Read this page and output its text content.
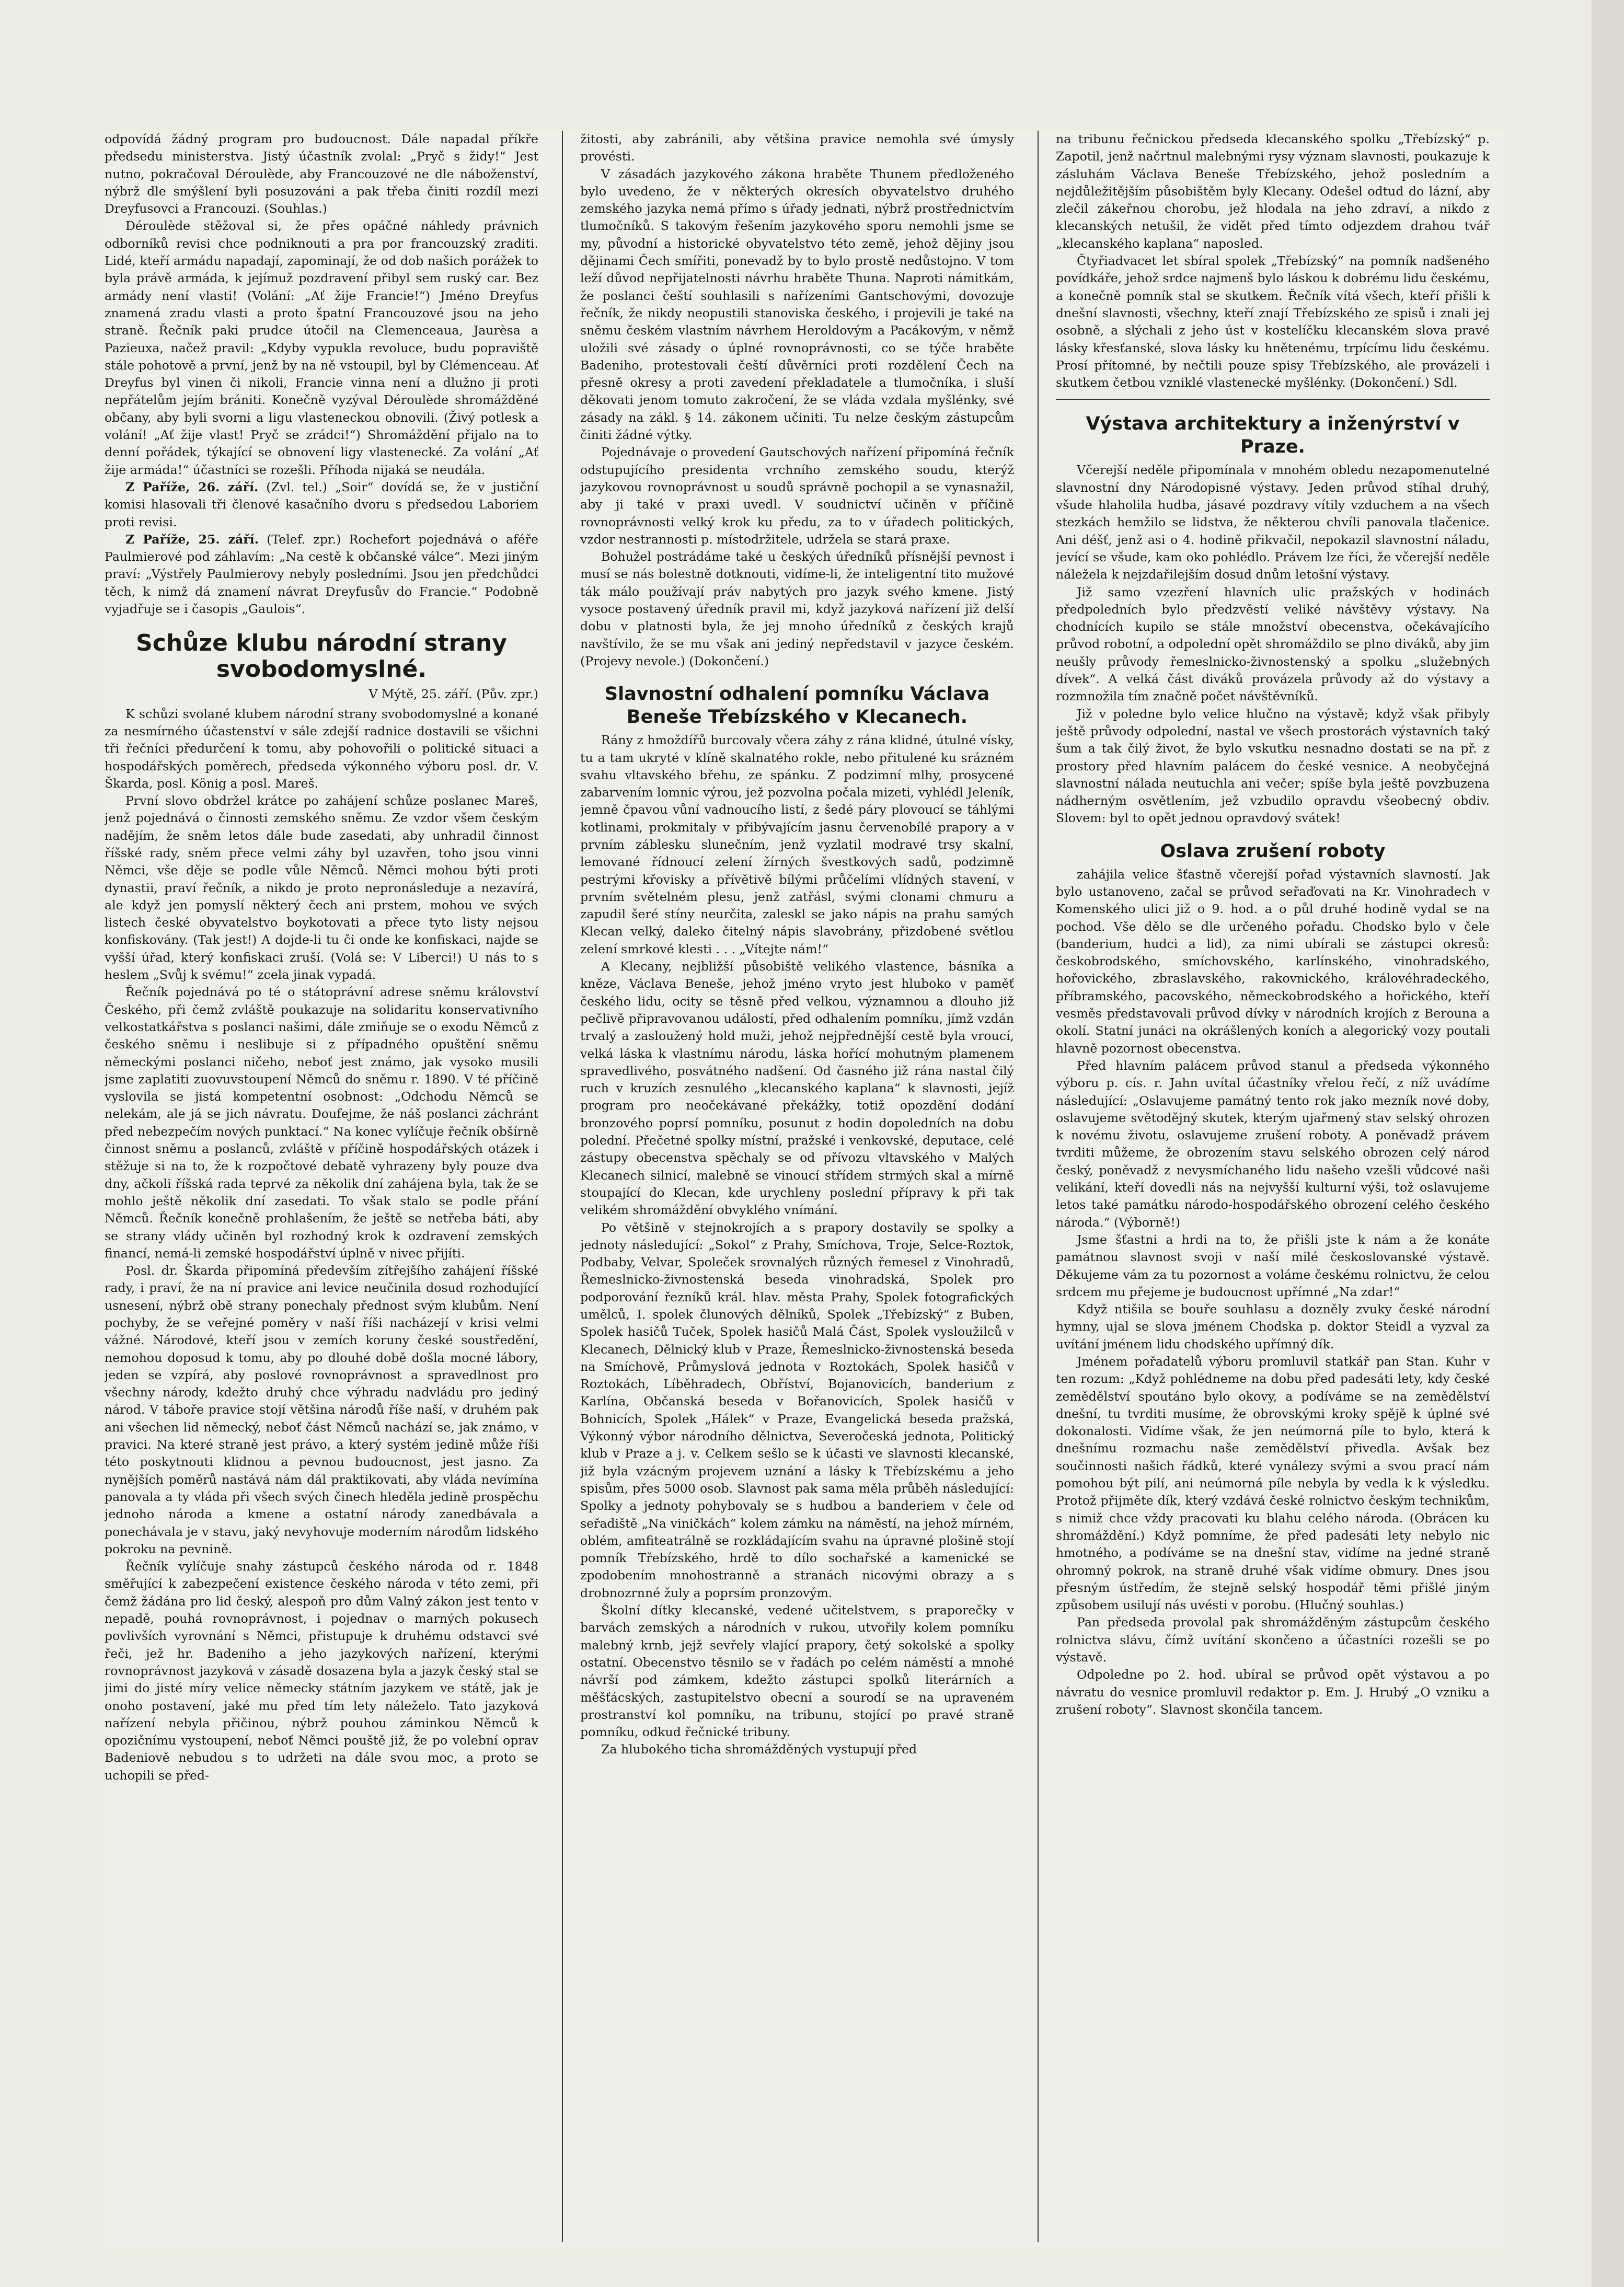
odpovídá žádný program pro budoucnost. Dále napadal příkře předsedu ministerstva. Jistý účastník zvolal: „Pryč s židy!“ Jest nutno, pokračoval Déroulède, aby Francouzové ne dle náboženství, nýbrž dle smýšlení byli posuzováni a pak třeba činiti rozdíl mezi Dreyfusovci a Francouzi. (Souhlas.)

Déroulède stěžoval si, že přes opáčné náhledy právnich odborníků revisi chce podniknouti a pra por francouzský zraditi. Lidé, kteří armádu napadají, zapominají, že od dob našich porážek to byla právě armáda, k jejímuž pozdravení přibyl sem ruský car. Bez armády není vlasti! (Volání: „Ať žije Francie!“) Jméno Dreyfus znamená zradu vlasti a proto špatní Francouzové jsou na jeho straně. Řečník paki prudce útočil na Clemenceaua, Jaurèsa a Pazieuxa, načež pravil: „Kdyby vypukla revoluce, budu popraviště stále pohotově a první, jenž by na ně vstoupil, byl by Clémenceau. Ať Dreyfus byl vinen či nikoli, Francie vinna není a dlužno ji proti nepřátelům jejím brániti. Konečně vyzýval Déroulède shromážděné občany, aby byli svorni a ligu vlasteneckou obnovili. (Živý potlesk a volání! „Ať žije vlast! Pryč se zrádci!“) Shromáždění přijalo na to denní pořádek, týkající se obnovení ligy vlastenecké. Za volání „Ať žije armáda!“ účastníci se rozešli. Příhoda nijaká se neudála.

Z Paříže, 26. září. (Zvl. tel.) „Soir“ dovídá se, že v justiční komisi hlasovali tři členové kasačního dvoru s předsedou Laboriem proti revisi.

Z Paříže, 25. září. (Telef. zpr.) Rochefort pojednává o aféře Paulmierové pod záhlavím: „Na cestě k občanské válce“. Mezi jiným praví: „Výstřely Paulmierovy nebyly posledními. Jsou jen předchůdci těch, k nimž dá znamení návrat Dreyfusův do Francie.“ Podobně vyjadřuje se i časopis „Gaulois“.

Schůze klubu národní strany svobodomyslné.

V Mýtě, 25. září. (Pův. zpr.)

K schůzi svolané klubem národní strany svobodomyslné a konané za nesmírného účastenství v sále zdejší radnice dostavili se všichni tři řečníci předurčení k tomu, aby pohovořili o politické situaci a hospodářských poměrech, předseda výkonného výboru posl. dr. V. Škarda, posl. König a posl. Mareš.

První slovo obdržel krátce po zahájení schůze poslanec Mareš, jenž pojednává o činnosti zemského sněmu. Ze vzdor všem českým nadějím, že sněm letos dále bude zasedati, aby unhradil činnost říšské rady, sněm přece velmi záhy byl uzavřen, toho jsou vinni Němci, vše děje se podle vůle Němců. Němci mohou býti proti dynastii, praví řečník, a nikdo je proto nepronásleduje a nezavírá, ale když jen pomyslí některý čech ani prstem, mohou ve svých listech české obyvatelstvo boykotovati a přece tyto listy nejsou konfiskovány. (Tak jest!) A dojde-li tu či onde ke konfiskaci, najde se vyšší úřad, který konfiskaci zruší. (Volá se: V Liberci!) U nás to s heslem „Svůj k svému!“ zcela jinak vypadá.

Řečník pojednává po té o státoprávní adrese sněmu království Českého, při čemž zvláště poukazuje na solidaritu konservativního velkostatkářstva s poslanci našimi, dále zmiňuje se o exodu Němců z českého sněmu i neslibuje si z případného opuštění sněmu německými poslanci ničeho, neboť jest známo, jak vysoko musili jsme zaplatiti zuovuvstoupení Němců do sněmu r. 1890. V té příčině vyslovila se jistá kompetentní osobnost: „Odchodu Němců se nelekám, ale já se jich návratu. Doufejme, že náš poslanci záchránt před nebezpečím nových punktací.“ Na konec vylíčuje řečník obšírně činnost sněmu a poslanců, zvláště v příčině hospodářských otázek i stěžuje si na to, že k rozpočtové debatě vyhrazeny byly pouze dva dny, ačkoli říšská rada teprvé za několik dní zahájena byla, tak že se mohlo ještě několik dní zasedati. To však stalo se podle přání Němců. Řečník konečně prohlašením, že ještě se netřeba báti, aby se strany vlády učiněn byl rozhodný krok k ozdravení zemských financí, nemá-li zemské hospodářství úplně v nivec přijíti.

Posl. dr. Škarda připomíná především zítřejšího zahájení říšské rady, i praví, že na ní pravice ani levice neučinila dosud rozhodující usnesení, nýbrž obě strany ponechaly přednost svým klubům. Není pochyby, že se veřejné poměry v naší říši nacházejí v krisi velmi vážné. Národové, kteří jsou v zemích koruny české soustředění, nemohou doposud k tomu, aby po dlouhé době došla mocné lábory, jeden se vzpírá, aby poslové rovnoprávnost a spravedlnost pro všechny národy, kdežto druhý chce výhradu nadvládu pro jediný národ. V táboře pravice stojí většina národů říše naší, v druhém pak ani všechen lid německý, neboť část Němců nachází se, jak známo, v pravici. Na které straně jest právo, a který systém jedině může říši této poskytnouti klidnou a pevnou budoucnost, jest jasno. Za nynějších poměrů nastává nám dál praktikovati, aby vláda nevímína panovala a ty vláda při všech svých činech hleděla jedině prospěchu jednoho národa a kmene a ostatní národy zanedbávala a ponechávala je v stavu, jaký nevyhovuje moderním národům lidského pokroku na pevnině.

Řečník vylíčuje snahy zástupců českého národa od r. 1848 směřující k zabezpečení existence českého národa v této zemi, při čemž žádána pro lid český, alespoň pro dům Valný zákon jest tento v nepadě, pouhá rovnoprávnost, i pojednav o marných pokusech povlivších vyrovnání s Němci, přistupuje k druhému odstavci své řeči, jež hr. Badeniho a jeho jazykových nařízení, kterými rovnoprávnost jazyková v zásadě dosazena byla a jazyk český stal se jimi do jisté míry velice německy státním jazykem ve státě, jak je onoho postavení, jaké mu před tím lety náleželo. Tato jazyková nařízení nebyla přičinou, nýbrž pouhou záminkou Němců k opozičnímu vystoupení, neboť Němci pouště již, že po volební oprav Badeniově nebudou s to udržeti na dále svou moc, a proto se uchopili se před-

žitosti, aby zabránili, aby většina pravice nemohla své úmysly provésti.

V zásadách jazykového zákona hraběte Thunem předloženého bylo uvedeno, že v některých okresích obyvatelstvo druhého zemského jazyka nemá přímo s úřady jednati, nýbrž prostřednictvím tlumočníků. S takovým řešením jazykového sporu nemohli jsme se my, původní a historické obyvatelstvo této země, jehož dějiny jsou dějinami Čech smířiti, ponevadž by to bylo prostě nedůstojno. V tom leží důvod nepřijatelnosti návrhu hraběte Thuna. Naproti námitkám, že poslanci čeští souhlasili s nařízeními Gantschovými, dovozuje řečník, že nikdy neopustili stanoviska českého, i projevili je také na sněmu českém vlastním návrhem Heroldovým a Pacákovým, v němž uložili své zásady o úplné rovnoprávnosti, co se týče hraběte Badeniho, protestovali čeští důvěrníci proti rozdělení Čech na přesně okresy a proti zavedení překladatele a tlumočníka, i sluší děkovati jenom tomuto zakročení, že se vláda vzdala myšlénky, své zásady na zákl. § 14. zákonem učiniti. Tu nelze českým zástupcům činiti žádné výtky.

Pojednávaje o provedení Gautschových nařízení připomíná řečník odstupujícího presidenta vrchního zemského soudu, kterýž jazykovou rovnoprávnost u soudů správně pochopil a se vynasnažil, aby ji také v praxi uvedl. V soudnictví učiněn v příčině rovnoprávnosti velký krok ku předu, za to v úřadech politických, vzdor nestrannosti p. místodržitele, udržela se stará praxe.

Bohužel postrádáme také u českých úředníků přísnější pevnost i musí se nás bolestně dotknouti, vidíme-li, že inteligentní tito mužové ták málo používají práv nabytých pro jazyk svého kmene. Jistý vysoce postavený úředník pravil mi, když jazyková nařízení již delší dobu v platnosti byla, že jej mnoho úředníků z českých krajů navštívilo, že se mu však ani jediný nepředstavil v jazyce českém. (Projevy nevole.) (Dokončení.)

Slavnostní odhalení pomníku Václava Beneše Třebízského v Klecanech.

Rány z hmoždířů burcovaly včera záhy z rána klidné, útulné vísky, tu a tam ukryté v klíně skalnatého rokle, nebo přitulené ku srázném svahu vltavského břehu, ze spánku. Z podzimní mlhy, prosycené zabarvením lomnic výrou, jež pozvolna počala mizeti, vyhlédl Jeleník, jemně čpavou vůní vadnoucího listí, z šedé páry plovoucí se táhlými kotlinami, prokmitaly v přibývajícím jasnu červenobílé prapory a v prvním záblesku slunečním, jenž vyzlatil modravé trsy skalní, lemované řídnoucí zelení žírných švestkových sadů, podzimně pestrými křovisky a přívětivě bílými průčelími vlídných stavení, v prvním světelném plesu, jenž zatřásl, svými clonami chmuru a zapudil šeré stíny neurčita, zaleskl se jako nápis na prahu samých Klecan velký, daleko čitelný nápis slavobrány, přizdobené světlou zelení smrkové klesti . . . „Vítejte nám!“

A Klecany, nejbližší působiště velikého vlastence, básníka a kněze, Václava Beneše, jehož jméno vryto jest hluboko v paměť českého lidu, ocity se těsně před velkou, významnou a dlouho již pečlivě připravovanou událostí, před odhalením pomníku, jímž vzdán trvalý a zasloužený hold muži, jehož nejpřednější cestě byla vroucí, velká láska k vlastnímu národu, láska hořící mohutným plamenem spravedlivého, posvátného nadšení. Od časného již rána nastal čilý ruch v kruzích zesnulého „klecanského kaplana“ k slavnosti, jejíž program pro neočekávané překážky, totiž opozdění dodání bronzového poprsí pomníku, posunut z hodin dopoledních na dobu polední. Přečetné spolky místní, pražské i venkovské, deputace, celé zástupy obecenstva spěchaly se od přívozu vltavského v Malých Klecanech silnicí, malebně se vinoucí střídem strmých skal a mírně stoupající do Klecan, kde urychleny poslední přípravy k při tak velikém shromáždění obvyklého vnímání.

Po většině v stejnokrojích a s prapory dostavily se spolky a jednoty následující: „Sokol“ z Prahy, Smíchova, Troje, Selce-Roztok, Podbaby, Velvar, Společek srovnalých různých řemesel z Vinohradů, Řemeslnicko-živnostenská beseda vinohradská, Spolek pro podporování řezníků král. hlav. města Prahy, Spolek fotografických umělců, I. spolek člunových dělníků, Spolek „Třebízský“ z Buben, Spolek hasičů Tuček, Spolek hasičů Malá Část, Spolek vysloužilců v Klecanech, Dělnický klub v Praze, Řemeslnicko-živnostenská beseda na Smíchově, Průmyslová jednota v Roztokách, Spolek hasičů v Roztokách, Líběhradech, Obříství, Bojanovicích, banderium z Karlína, Občanská beseda v Bořanovicích, Spolek hasičů v Bohnicích, Spolek „Hálek“ v Praze, Evangelická beseda pražská, Výkonný výbor národního dělnictva, Severočeská jednota, Politický klub v Praze a j. v. Celkem sešlo se k účasti ve slavnosti klecanské, již byla vzácným projevem uznání a lásky k Třebízskému a jeho spisům, přes 5000 osob. Slavnost pak sama měla průběh následující: Spolky a jednoty pohybovaly se s hudbou a banderiem v čele od seřadiště „Na viničkách“ kolem zámku na náměstí, na jehož mírném, oblém, amfiteatrálně se rozkládajícím svahu na úpravné plošině stojí pomník Třebízského, hrdě to dílo sochařské a kamenické se zpodobením mnohostranně a stranách nicovými obrazy a s drobnozrnné žuly a poprsím pronzovým.

Školní dítky klecanské, vedené učitelstvem, s praporečky v barvách zemských a národních v rukou, utvořily kolem pomníku malebný krnb, jejž sevřely vlající prapory, četý sokolské a spolky ostatní. Obecenstvo těsnilo se v řadách po celém náměstí a mnohé návrší pod zámkem, kdežto zástupci spolků literárních a měšťácských, zastupitelstvo obecní a sourodí se na upraveném prostranství kol pomníku, na tribunu, stojící po pravé straně pomníku, odkud řečnické tribuny.

Za hlubokého ticha shromážděných vystupují před

na tribunu řečnickou předseda klecanského spolku „Třebízský“ p. Zapotil, jenž načrtnul malebnými rysy význam slavnosti, poukazuje k zásluhám Václava Beneše Třebízského, jehož posledním a nejdůležitějším působištěm byly Klecany. Odešel odtud do lázní, aby zlečil zákeřnou chorobu, jež hlodala na jeho zdraví, a nikdo z klecanských netušil, že vidět před tímto odjezdem drahou tvář „klecanského kaplana“ naposled.

Čtyřiadvacet let sbíral spolek „Třebízský“ na pomník nadšeného povídkáře, jehož srdce najmenš bylo láskou k dobrému lidu českému, a konečně pomník stal se skutkem. Řečník vítá všech, kteří přišli k dnešní slavnosti, všechny, kteří znají Třebízského ze spisů i znali jej osobně, a slýchali z jeho úst v kostelíčku klecanském slova pravé lásky křesťanské, slova lásky ku hnětenému, trpícímu lidu českému. Prosí přítomné, by nečtili pouze spisy Třebízského, ale provázeli i skutkem četbou vzniklé vlastenecké myšlénky. (Dokončení.) Sdl.

Výstava architektury a inženýrství v Praze.

Včerejší neděle připomínala v mnohém obledu nezapomenutelné slavnostní dny Národopisné výstavy. Jeden průvod stíhal druhý, všude hlaholila hudba, jásavé pozdravy vítily vzduchem a na všech stezkách hemžilo se lidstva, že některou chvíli panovala tlačenice. Ani déšť, jenž asi o 4. hodině přikvačil, nepokazil slavnostní náladu, jevící se všude, kam oko pohlédlo. Právem lze říci, že včerejší neděle náležela k nejzdařilejším dosud dnům letošní výstavy.

Již samo vzezření hlavních ulic pražských v hodinách předpoledních bylo předzvěstí veliké návštěvy výstavy. Na chodnících kupilo se stále množství obecenstva, očekávajícího průvod robotní, a odpolední opět shromáždilo se plno diváků, aby jim neušly průvody řemeslnicko-živnostenský a spolku „služebných dívek“. A velká část diváků provázela průvody až do výstavy a rozmnožila tím značně počet návštěvníků.

Již v poledne bylo velice hlučno na výstavě; když však přibyly ještě průvody odpolední, nastal ve všech prostorách výstavních taký šum a tak čilý život, že bylo vskutku nesnadno dostati se na př. z prostory před hlavním palácem do české vesnice. A neobyčejná slavnostní nálada neutuchla ani večer; spíše byla ještě povzbuzena nádherným osvětlením, jež vzbudilo opravdu všeobecný obdiv. Slovem: byl to opět jednou opravdový svátek!

Oslava zrušení roboty

zahájila velice šťastně včerejší pořad výstavních slavností. Jak bylo ustanoveno, začal se průvod seřaďovati na Kr. Vinohradech v Komenského ulici již o 9. hod. a o půl druhé hodině vydal se na pochod. Vše dělo se dle určeného pořadu. Chodsko bylo v čele (banderium, hudci a lid), za nimi ubírali se zástupci okresů: českobrodského, smíchovského, karlínského, vinohradského, hořovického, zbraslavského, rakovnického, královéhradeckého, příbramského, pacovského, německobrodského a hořického, kteří vesměs představovali průvod dívky v národních krojích z Berouna a okolí. Statní junáci na okrášlených koních a alegorický vozy poutali hlavně pozornost obecenstva.

Před hlavním palácem průvod stanul a předseda výkonného výboru p. cís. r. Jahn uvítal účastníky vřelou řečí, z níž uvádíme následující: „Oslavujeme památný tento rok jako mezník nové doby, oslavujeme světodějný skutek, kterým ujařmený stav selský ohrozen k novému životu, oslavujeme zrušení roboty. A poněvadž právem tvrditi můžeme, že obrozením stavu selského obrozen celý národ český, poněvadž z nevysmíchaného lidu našeho vzešli vůdcové naši velikání, kteří dovedli nás na nejvyšší kulturní výši, tož oslavujeme letos také památku národo-hospodářského obrození celého českého národa.“ (Výborně!)

Jsme šťastni a hrdi na to, že přišli jste k nám a že konáte památnou slavnost svoji v naší milé českoslovanské výstavě. Děkujeme vám za tu pozornost a voláme českému rolnictvu, že celou srdcem mu přejeme je budoucnost upřímné „Na zdar!“

Když ntišila se bouře souhlasu a dozněly zvuky české národní hymny, ujal se slova jménem Chodska p. doktor Steidl a vyzval za uvítání jménem lidu chodského upřímný dík.

Jménem pořadatelů výboru promluvil statkář pan Stan. Kuhr v ten rozum: „Když pohlédneme na dobu před padesáti lety, kdy české zemědělství spoutáno bylo okovy, a podíváme se na zemědělství dnešní, tu tvrditi musíme, že obrovskými kroky spějě k úplné své dokonalosti. Vidíme však, že jen neúmorná píle to bylo, která k dnešnímu rozmachu naše zemědělství přivedla. Avšak bez součinnosti našich řádků, které vynálezy svými a svou prací nám pomohou být pilí, ani neúmorná píle nebyla by vedla k k výsledku. Protož přijměte dík, který vzdává české rolnictvo českým technikům, s nimiž chce vždy pracovati ku blahu celého národa. (Obrácen ku shromáždění.) Když pomníme, že před padesáti lety nebylo nic hmotného, a podíváme se na dnešní stav, vidíme na jedné straně ohromný pokrok, na straně druhé však vidíme obmury. Dnes jsou přesným ústředím, že stejně selský hospodář těmi přišlé jiným způsobem usilují nás uvésti v porobu. (Hlučný souhlas.)

Pan předseda provolal pak shromážděným zástupcům českého rolnictva slávu, čímž uvítání skončeno a účastníci rozešli se po výstavě.

Odpoledne po 2. hod. ubíral se průvod opět výstavou a po návratu do vesnice promluvil redaktor p. Em. J. Hrubý „O vzniku a zrušení roboty“. Slavnost skončila tancem.
